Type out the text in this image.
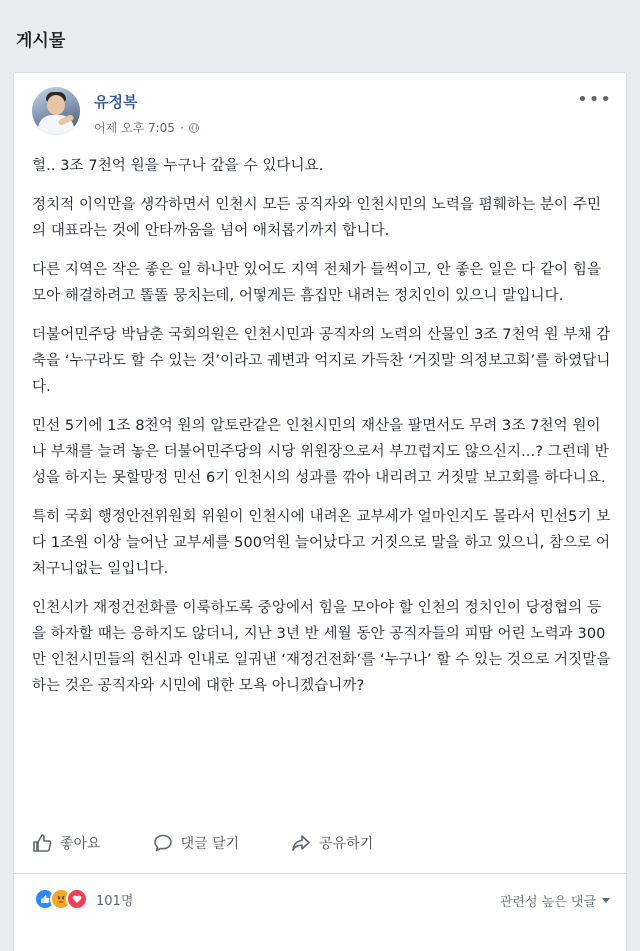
게시물
유정복
어제 오후 7:05 ·
•••

헐.. 3조 7천억 원을 누구나 갚을 수 있다니요.

정치적 이익만을 생각하면서 인천시 모든 공직자와 인천시민의 노력을 폄훼하는 분이 주민의 대표라는 것에 안타까움을 넘어 애처롭기까지 합니다.

다른 지역은 작은 좋은 일 하나만 있어도 지역 전체가 들썩이고, 안 좋은 일은 다 같이 힘을 모아 해결하려고 똘똘 뭉치는데, 어떻게든 흠집만 내려는 정치인이 있으니 말입니다.

더불어민주당 박남춘 국회의원은 인천시민과 공직자의 노력의 산물인 3조 7천억 원 부채 감축을 ‘누구라도 할 수 있는 것’이라고 궤변과 억지로 가득찬 ‘거짓말 의정보고회’를 하였답니다.

민선 5기에 1조 8천억 원의 알토란같은 인천시민의 재산을 팔면서도 무려 3조 7천억 원이나 부채를 늘려 놓은 더불어민주당의 시당 위원장으로서 부끄럽지도 않으신지...? 그런데 반성을 하지는 못할망정 민선 6기 인천시의 성과를 깎아 내리려고 거짓말 보고회를 하다니요.

특히 국회 행정안전위원회 위원이 인천시에 내려온 교부세가 얼마인지도 몰라서 민선5기 보다 1조원 이상 늘어난 교부세를 500억원 늘어났다고 거짓으로 말을 하고 있으니, 참으로 어처구니없는 일입니다.

인천시가 재정건전화를 이룩하도록 중앙에서 힘을 모아야 할 인천의 정치인이 당정협의 등을 하자할 때는 응하지도 않더니, 지난 3년 반 세월 동안 공직자들의 피땀 어린 노력과 300만 인천시민들의 헌신과 인내로 일궈낸 ‘재정건전화’를 ‘누구나’ 할 수 있는 것으로 거짓말을 하는 것은 공직자와 시민에 대한 모욕 아니겠습니까?

좋아요	댓글 달기	공유하기
101명	관련성 높은 댓글
